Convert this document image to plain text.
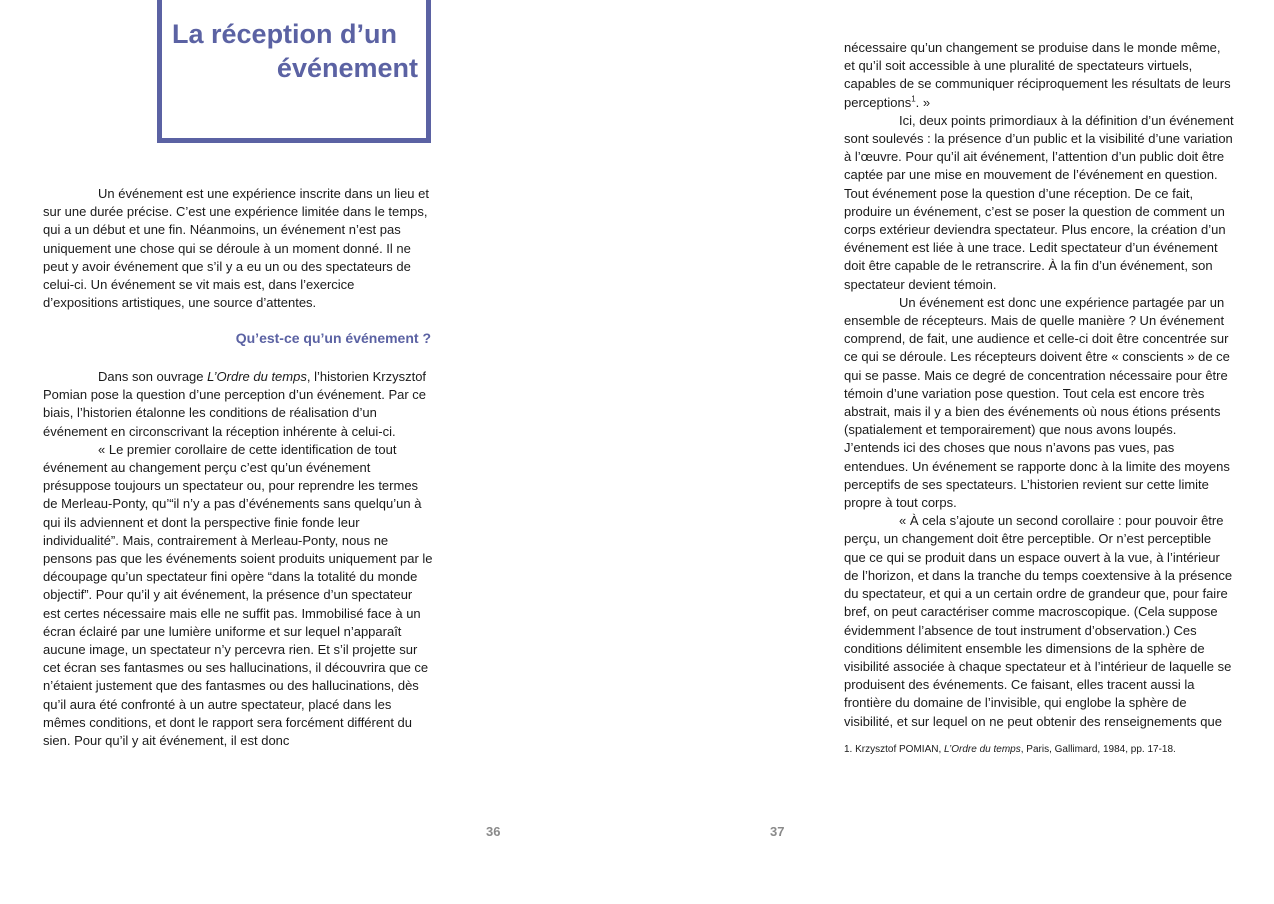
La réception d’un
événement

Un événement est une expérience inscrite dans un lieu et sur une durée précise. C’est une expérience limitée dans le temps, qui a un début et une fin. Néanmoins, un événement n’est pas uniquement une chose qui se déroule à un moment donné. Il ne peut y avoir événement que s’il y a eu un ou des spectateurs de celui-ci. Un événement se vit mais est, dans l’exercice d’expositions artistiques, une source d’attentes.

Qu’est-ce qu’un événement ?

Dans son ouvrage L’Ordre du temps, l’historien Krzysztof Pomian pose la question d’une perception d’un événement. Par ce biais, l’historien étalonne les conditions de réalisation d’un événement en circonscrivant la réception inhérente à celui-ci.

« Le premier corollaire de cette identification de tout événement au changement perçu c’est qu’un événement présuppose toujours un spectateur ou, pour reprendre les termes de Merleau-Ponty, qu’“il n’y a pas d’événements sans quelqu’un à qui ils adviennent et dont la perspective finie fonde leur individualité”. Mais, contrairement à Merleau-Ponty, nous ne pensons pas que les événements soient produits uniquement par le découpage qu’un spectateur fini opère “dans la totalité du monde objectif”. Pour qu’il y ait événement, la présence d’un spectateur est certes nécessaire mais elle ne suffit pas. Immobilisé face à un écran éclairé par une lumière uniforme et sur lequel n’apparaît aucune image, un spectateur n’y percevra rien. Et s’il projette sur cet écran ses fantasmes ou ses hallucinations, il découvrira que ce n’étaient justement que des fantasmes ou des hallucinations, dès qu’il aura été confronté à un autre spectateur, placé dans les mêmes conditions, et dont le rapport sera forcément différent du sien. Pour qu’il y ait événement, il est donc

36

nécessaire qu’un changement se produise dans le monde même, et qu’il soit accessible à une pluralité de spectateurs virtuels, capables de se communiquer réciproquement les résultats de leurs perceptions$^1$. »

Ici, deux points primordiaux à la définition d’un événement sont soulevés : la présence d’un public et la visibilité d’une variation à l’œuvre. Pour qu’il ait événement, l’attention d’un public doit être captée par une mise en mouvement de l’événement en question. Tout événement pose la question d’une réception. De ce fait, produire un événement, c’est se poser la question de comment un corps extérieur deviendra spectateur. Plus encore, la création d’un événement est liée à une trace. Ledit spectateur d’un événement doit être capable de le retranscrire. À la fin d’un événement, son spectateur devient témoin.

Un événement est donc une expérience partagée par un ensemble de récepteurs. Mais de quelle manière ? Un événement comprend, de fait, une audience et celle-ci doit être concentrée sur ce qui se déroule. Les récepteurs doivent être « conscients » de ce qui se passe. Mais ce degré de concentration nécessaire pour être témoin d’une variation pose question. Tout cela est encore très abstrait, mais il y a bien des événements où nous étions présents (spatialement et temporairement) que nous avons loupés. J’entends ici des choses que nous n’avons pas vues, pas entendues. Un événement se rapporte donc à la limite des moyens perceptifs de ses spectateurs. L’historien revient sur cette limite propre à tout corps.

« À cela s’ajoute un second corollaire : pour pouvoir être perçu, un changement doit être perceptible. Or n’est perceptible que ce qui se produit dans un espace ouvert à la vue, à l’intérieur de l’horizon, et dans la tranche du temps coextensive à la présence du spectateur, et qui a un certain ordre de grandeur que, pour faire bref, on peut caractériser comme macroscopique. (Cela suppose évidemment l’absence de tout instrument d’observation.) Ces conditions délimitent ensemble les dimensions de la sphère de visibilité associée à chaque spectateur et à l’intérieur de laquelle se produisent des événements. Ce faisant, elles tracent aussi la frontière du domaine de l’invisible, qui englobe la sphère de visibilité, et sur lequel on ne peut obtenir des renseignements que

1. Krzysztof POMIAN, L’Ordre du temps, Paris, Gallimard, 1984, pp. 17-18.
37
